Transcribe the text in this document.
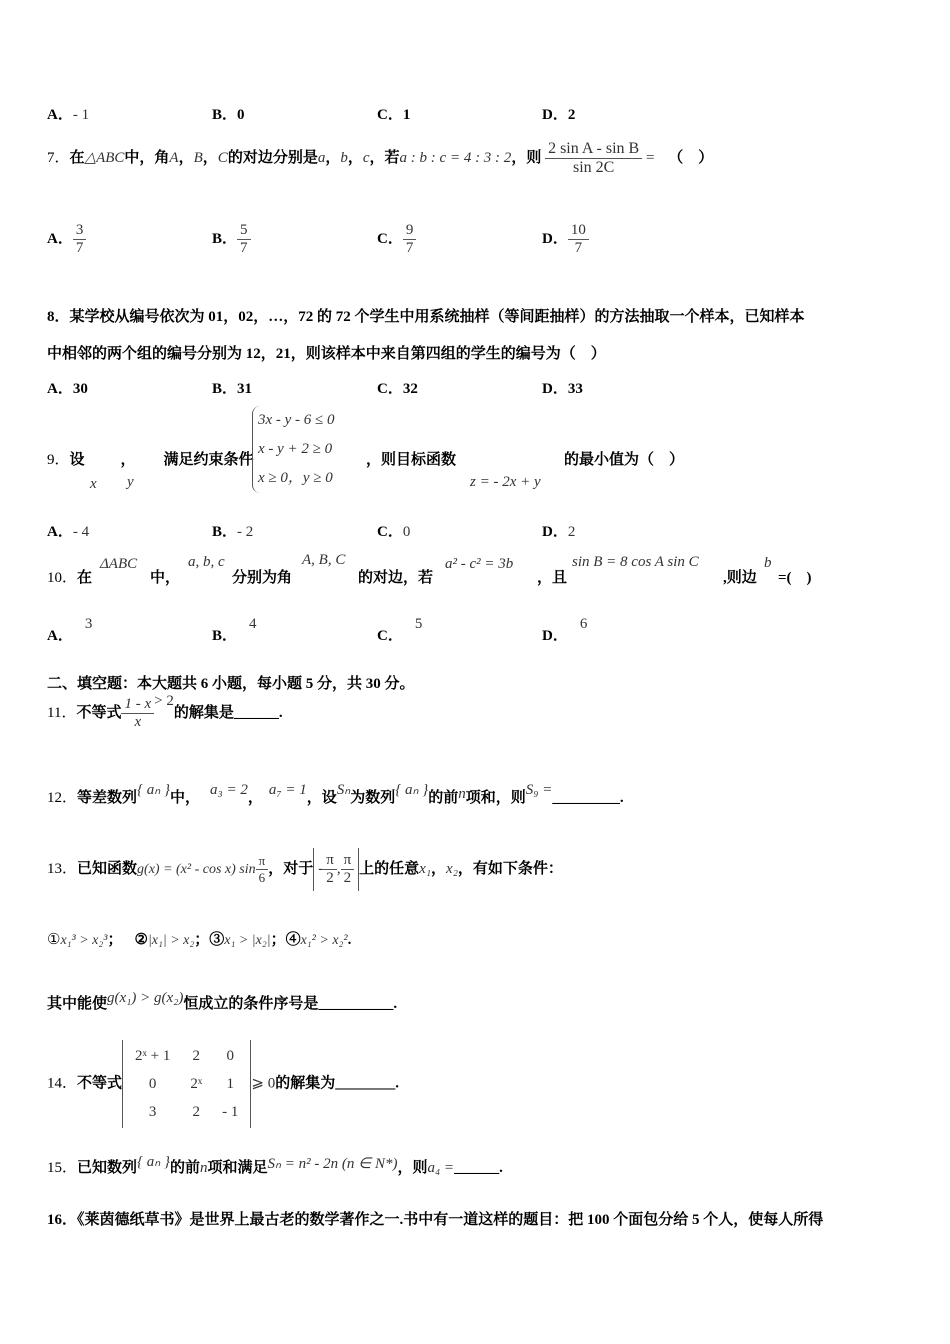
A．- 1	B．0	C．1	D．2
7．在△ABC中，角A，B，C的对边分别是a，b，c，若a : b : c = 4 : 3 : 2，则 $\frac{\text{2 sin A - sin B}}{\sin 2C}$ = （　）
A． $\frac{3}{7}$	B． $\frac{5}{7}$	C． $\frac{9}{7}$	D． $\frac{10}{7}$
8．某学校从编号依次为 01，02，…，72 的 72 个学生中用系统抽样（等间距抽样）的方法抽取一个样本，已知样本
中相邻的两个组的编号分别为 12，21，则该样本中来自第四组的学生的编号为（　）
A．30	B．31	C．32	D．33
9．设 ， 满足约束条件
x y
3x - y - 6 ≤ 0
x - y + 2 ≥ 0
x ≥ 0，y ≥ 0
，则目标函数
z = - 2x + y
的最小值为（　）
A．- 4	B．- 2	C．0	D．2
10．在
ΔABC
中，
a, b, c
分别为角
A, B, C
的对边，若
a² - c² = 3b
，且
sin B = 8 cos A sin C
,则边
b
=(　)
A．3
B．4
C．5
D．6
二、填空题：本大题共 6 小题，每小题 5 分，共 30 分。
11．不等式 $\frac{1 - x}{x} > 2$的解集是______.
12．等差数列{ aₙ }中， a₃ = 2， a₇ = 1，设Sₙ为数列{ aₙ }的前n项和，则S₉ =_________.
13．已知函数g(x) = (x² - cos x) $\sin \frac{\pi}{6}$ ，对于 - $\frac{\pi}{2}$ , $\frac{\pi}{2}$ 上的任意x₁，x₂，有如下条件：
①x₁³ > x₂³； ②|x₁| > x₂；③x₁ > |x₂|；④x₁² > x₂².
其中能使g(x₁) > g(x₂)恒成立的条件序号是__________.
14．不等式
2ˣ + 1	2	0
0	2ˣ	1
3	2	- 1
⩾ 0的解集为________.
15．已知数列{ aₙ }的前n项和满足Sₙ = n² - 2n (n ∈ N*)，则a₄ =______.
16．《莱茵德纸草书》是世界上最古老的数学著作之一.书中有一道这样的题目：把 100 个面包分给 5 个人，使每人所得
